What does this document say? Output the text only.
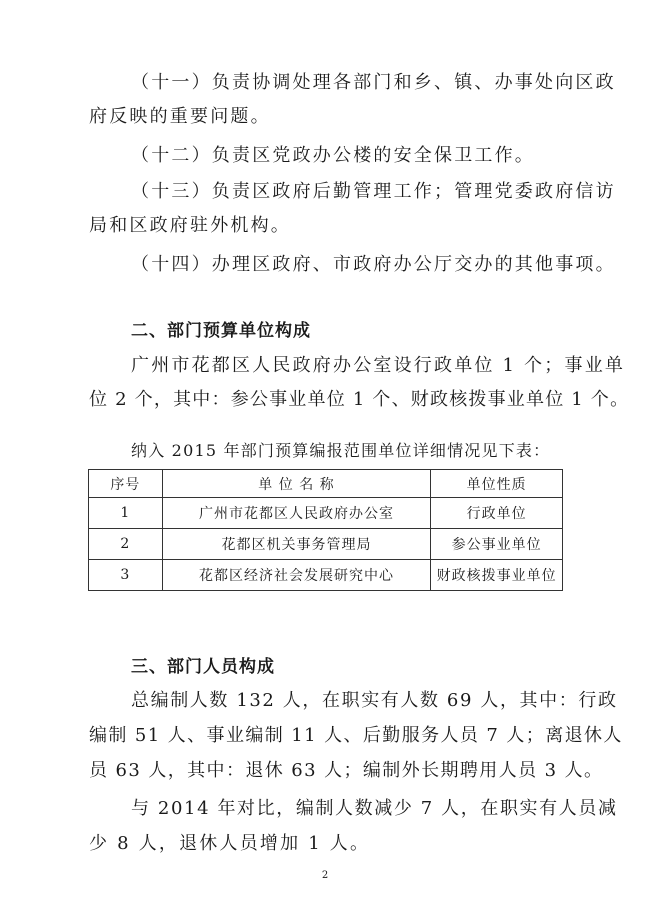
（十一）负责协调处理各部门和乡、镇、办事处向区政
府反映的重要问题。
（十二）负责区党政办公楼的安全保卫工作。
（十三）负责区政府后勤管理工作；管理党委政府信访
局和区政府驻外机构。
（十四）办理区政府、市政府办公厅交办的其他事项。
二、部门预算单位构成
广州市花都区人民政府办公室设行政单位 1 个；事业单
位 2 个，其中：参公事业单位 1 个、财政核拨事业单位 1 个。
纳入 2015 年部门预算编报范围单位详细情况见下表：
序号	单 位 名 称	单位性质
1	广州市花都区人民政府办公室	行政单位
2	花都区机关事务管理局	参公事业单位
3	花都区经济社会发展研究中心	财政核拨事业单位
三、部门人员构成
总编制人数 132 人，在职实有人数 69 人，其中：行政
编制 51 人、事业编制 11 人、后勤服务人员 7 人；离退休人
员 63 人，其中：退休 63 人；编制外长期聘用人员 3 人。
与 2014 年对比，编制人数减少 7 人，在职实有人员减
少 8 人，退休人员增加 1 人。
2
